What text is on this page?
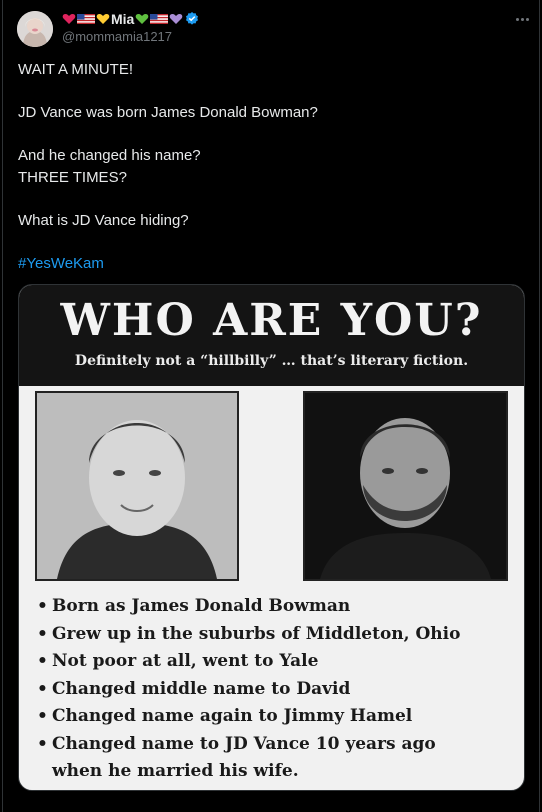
Mia
@mommamia1217

WAIT A MINUTE!

JD Vance was born James Donald Bowman?

And he changed his name?
THREE TIMES?

What is JD Vance hiding?

#YesWeKam
WHO ARE YOU?
Definitely not a “hillbilly” … that’s literary fiction.
• Born as James Donald Bowman
• Grew up in the suburbs of Middleton, Ohio
• Not poor at all, went to Yale
• Changed middle name to David
• Changed name again to Jimmy Hamel
• Changed name to JD Vance 10 years ago
when he married his wife.
